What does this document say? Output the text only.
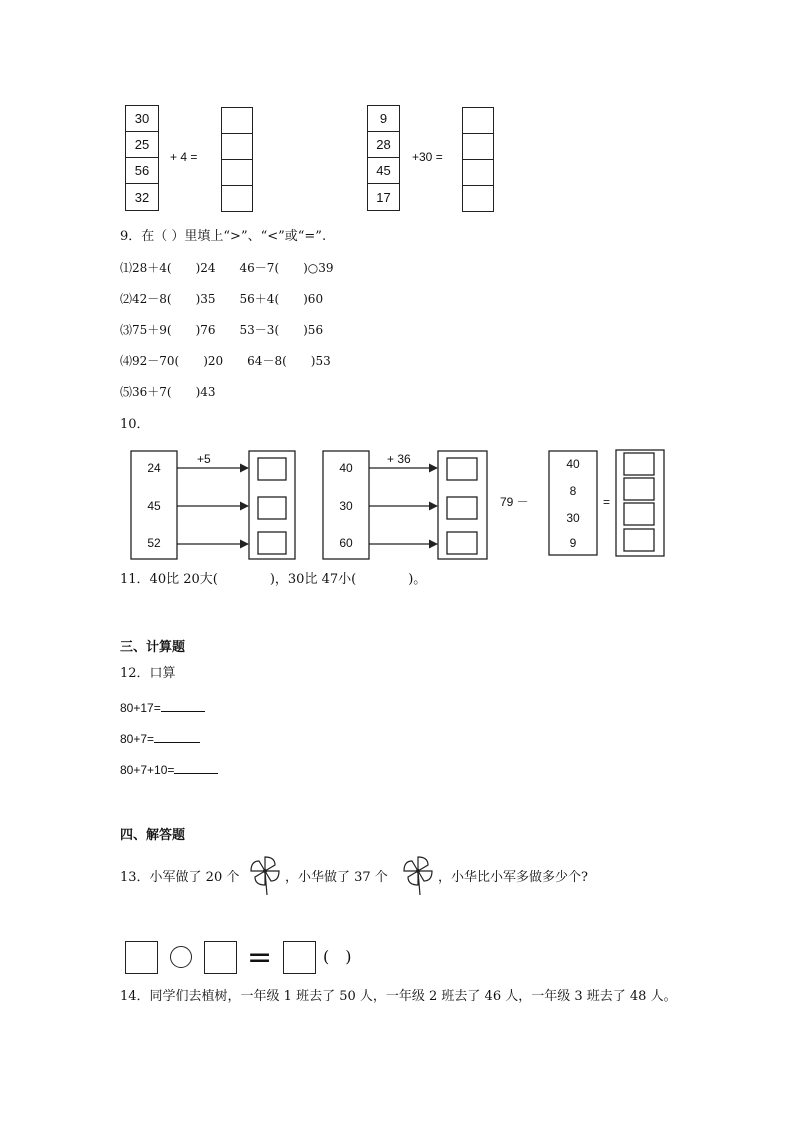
30
25
56
32
+ 4 =
9
28
45
17
+30 =
9．在（ ）里填上“>”、“<”或“=”.
⑴28＋4(　　)24　　46－7(　　)○39
⑵42－8(　　)35　　56＋4(　　)60
⑶75＋9(　　)76　　53－3(　　)56
⑷92－70(　　)20　　64－8(　　)53
⑸36＋7(　　)43
10．
24
45
52
+5
40
30
60
+ 36
79 －
40
8
30
9
=
11．40比 20大(　　　　)，30比 47小(　　　　)。
三、计算题
12．口算
80+17=
80+7=
80+7+10=
四、解答题
13．小军做了 20 个	，小华做了 37 个	，小华比小军多做多少个?
=	(　)
14．同学们去植树，一年级 1 班去了 50 人，一年级 2 班去了 46 人，一年级 3 班去了 48 人。
